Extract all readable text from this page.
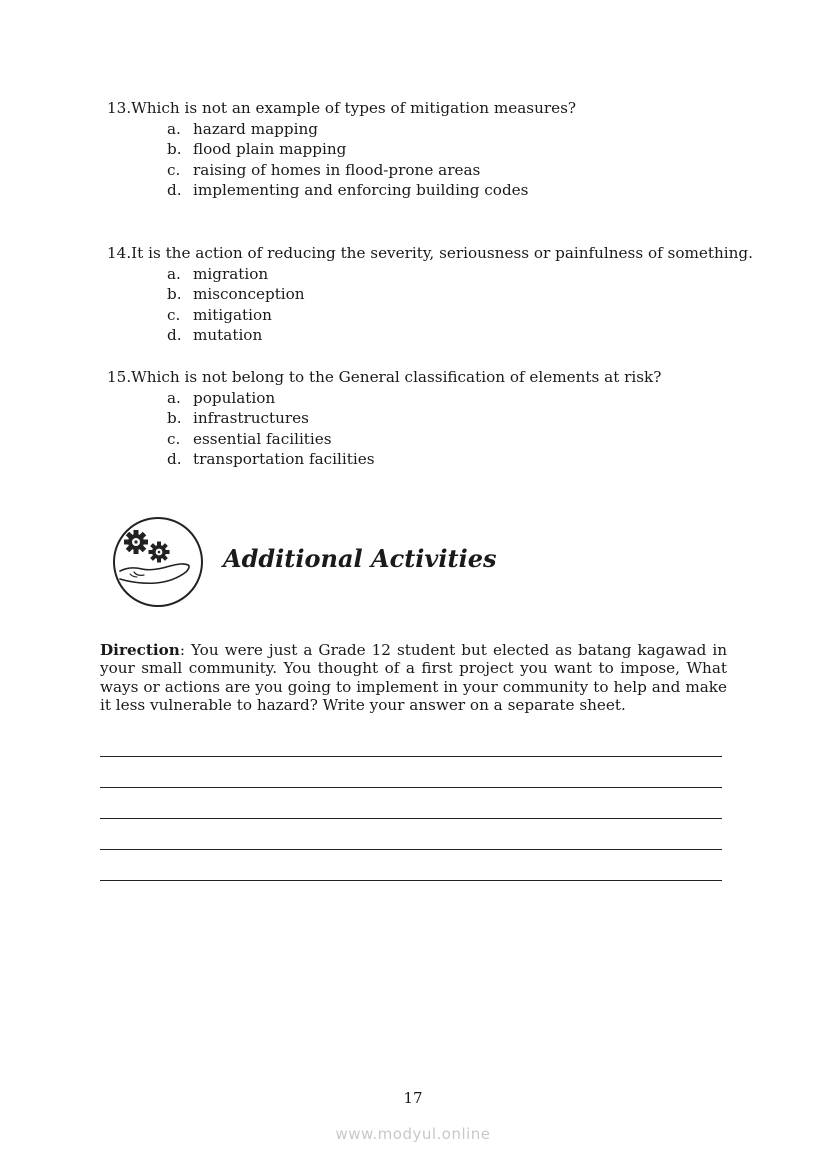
13.Which is not an example of types of mitigation measures?
a. hazard mapping
b. flood plain mapping
c. raising of homes in flood-prone areas
d. implementing and enforcing building codes
14.It is the action of reducing the severity, seriousness or painfulness of something.
a. migration
b. misconception
c. mitigation
d. mutation
15.Which is not belong to the General classification of elements at risk?
a. population
b. infrastructures
c. essential facilities
d. transportation facilities
Additional Activities

Direction: You were just a Grade 12 student but elected as batang kagawad in your small community. You thought of a first project you want to impose, What ways or actions are you going to implement in your community to help and make it less vulnerable to hazard? Write your answer on a separate sheet.

17
www.modyul.online
